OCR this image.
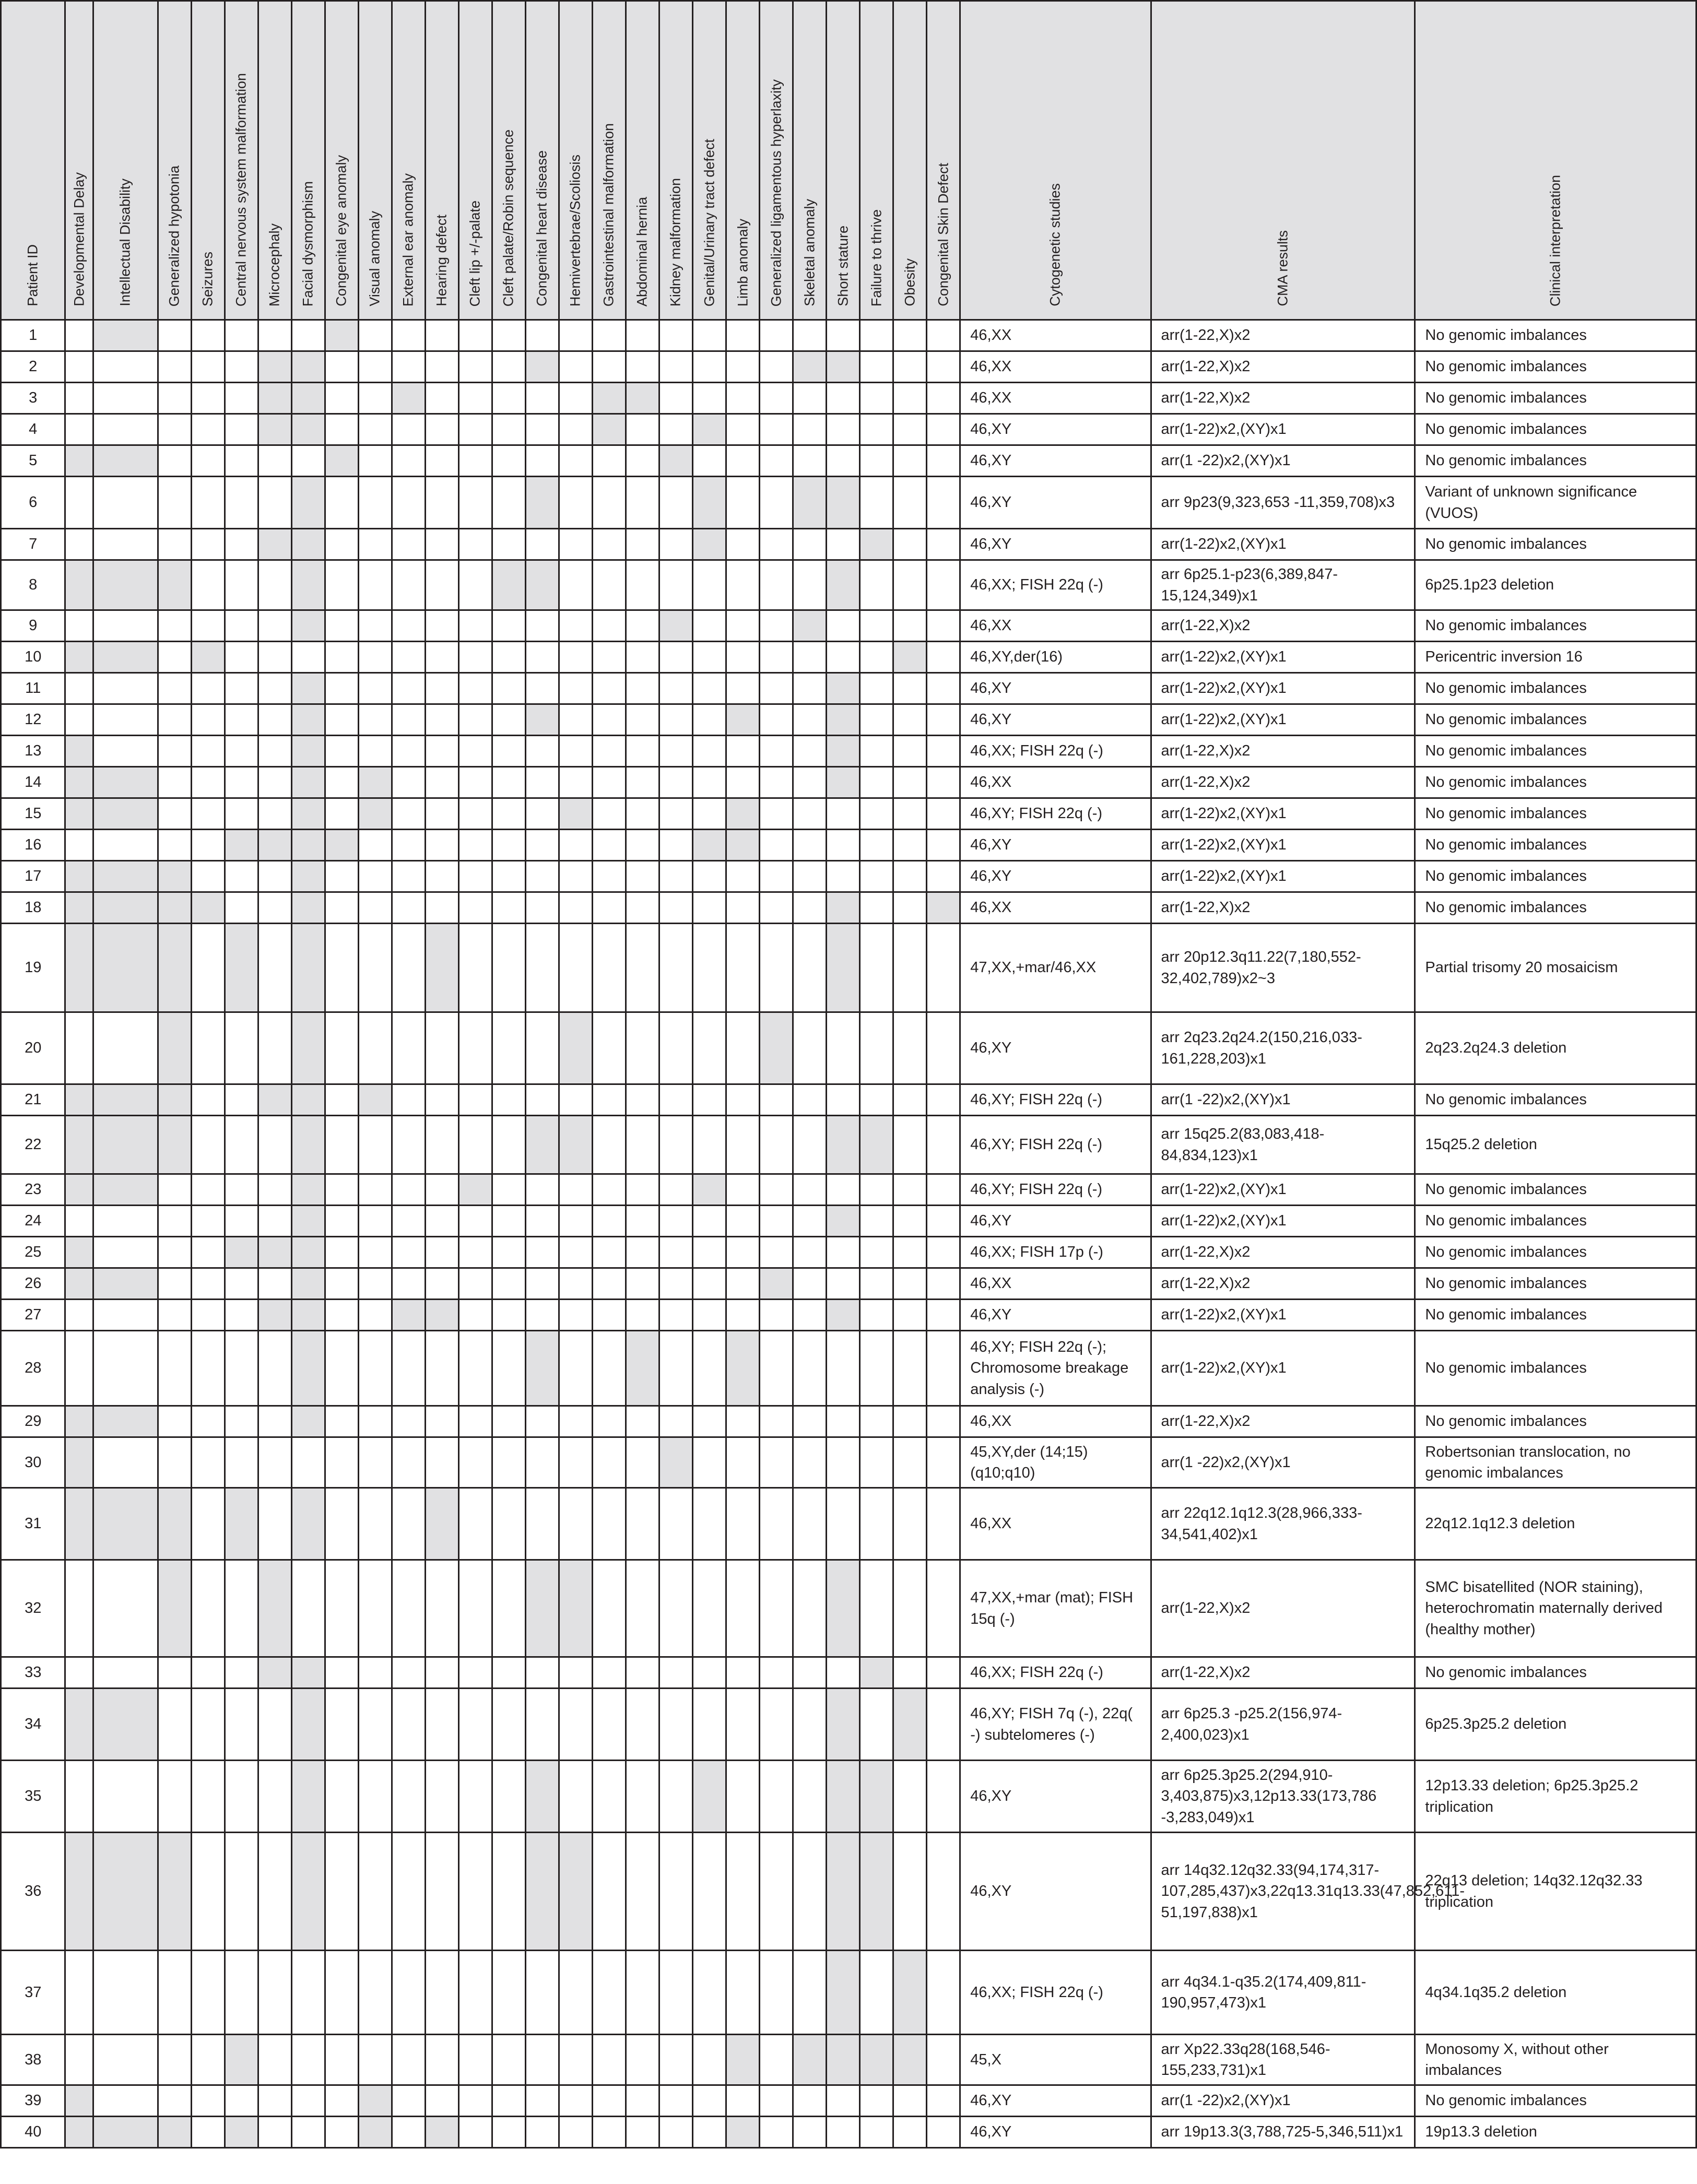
Patient ID	Developmental Delay	Intellectual Disability	Generalized hypotonia	Seizures	Central nervous system malformation	Microcephaly	Facial dysmorphism	Congenital eye anomaly	Visual anomaly	External ear anomaly	Hearing defect	Cleft lip +/-palate	Cleft palate/Robin sequence	Congenital heart disease	Hemivertebrae/Scoliosis	Gastrointestinal malformation	Abdominal hernia	Kidney malformation	Genital/Urinary tract defect	Limb anomaly	Generalized ligamentous hyperlaxity	Skeletal anomaly	Short stature	Failure to thrive	Obesity	Congenital Skin Defect	Cytogenetic studies	CMA results	Clinical interpretation

1																											46,XX	arr(1-22,X)x2	No genomic imbalances
2																											46,XX	arr(1-22,X)x2	No genomic imbalances
3																											46,XX	arr(1-22,X)x2	No genomic imbalances
4																											46,XY	arr(1-22)x2,(XY)x1	No genomic imbalances
5																											46,XY	arr(1 -22)x2,(XY)x1	No genomic imbalances
6																											46,XY	arr 9p23(9,323,653 -11,359,708)x3	Variant of unknown significance (VUOS)
7																											46,XY	arr(1-22)x2,(XY)x1	No genomic imbalances
8																											46,XX; FISH 22q (-)	arr 6p25.1-p23(6,389,847-15,124,349)x1	6p25.1p23 deletion
9																											46,XX	arr(1-22,X)x2	No genomic imbalances
10																											46,XY,der(16)	arr(1-22)x2,(XY)x1	Pericentric inversion 16
11																											46,XY	arr(1-22)x2,(XY)x1	No genomic imbalances
12																											46,XY	arr(1-22)x2,(XY)x1	No genomic imbalances
13																											46,XX; FISH 22q (-)	arr(1-22,X)x2	No genomic imbalances
14																											46,XX	arr(1-22,X)x2	No genomic imbalances
15																											46,XY; FISH 22q (-)	arr(1-22)x2,(XY)x1	No genomic imbalances
16																											46,XY	arr(1-22)x2,(XY)x1	No genomic imbalances
17																											46,XY	arr(1-22)x2,(XY)x1	No genomic imbalances
18																											46,XX	arr(1-22,X)x2	No genomic imbalances
19																											47,XX,+mar/46,XX	arr 20p12.3q11.22(7,180,552-32,402,789)x2~3	Partial trisomy 20 mosaicism
20																											46,XY	arr 2q23.2q24.2(150,216,033-161,228,203)x1	2q23.2q24.3 deletion
21																											46,XY; FISH 22q (-)	arr(1 -22)x2,(XY)x1	No genomic imbalances
22																											46,XY; FISH 22q (-)	arr 15q25.2(83,083,418-84,834,123)x1	15q25.2 deletion
23																											46,XY; FISH 22q (-)	arr(1-22)x2,(XY)x1	No genomic imbalances
24																											46,XY	arr(1-22)x2,(XY)x1	No genomic imbalances
25																											46,XX; FISH 17p (-)	arr(1-22,X)x2	No genomic imbalances
26																											46,XX	arr(1-22,X)x2	No genomic imbalances
27																											46,XY	arr(1-22)x2,(XY)x1	No genomic imbalances
28																											46,XY; FISH 22q (-); Chromosome breakage analysis (-)	arr(1-22)x2,(XY)x1	No genomic imbalances
29																											46,XX	arr(1-22,X)x2	No genomic imbalances
30																											45,XY,der (14;15)(q10;q10)	arr(1 -22)x2,(XY)x1	Robertsonian translocation, no genomic imbalances
31																											46,XX	arr 22q12.1q12.3(28,966,333-34,541,402)x1	22q12.1q12.3 deletion
32																											47,XX,+mar (mat); FISH 15q (-)	arr(1-22,X)x2	SMC bisatellited (NOR staining), heterochromatin maternally derived (healthy mother)
33																											46,XX; FISH 22q (-)	arr(1-22,X)x2	No genomic imbalances
34																											46,XY; FISH 7q (-), 22q( -) subtelomeres (-)	arr 6p25.3 -p25.2(156,974-2,400,023)x1	6p25.3p25.2 deletion
35																											46,XY	arr 6p25.3p25.2(294,910-3,403,875)x3,12p13.33(173,786 -3,283,049)x1	12p13.33 deletion; 6p25.3p25.2 triplication
36																											46,XY	arr 14q32.12q32.33(94,174,317-107,285,437)x3,22q13.31q13.33(47,852,611-51,197,838)x1	22q13 deletion; 14q32.12q32.33 triplication
37																											46,XX; FISH 22q (-)	arr 4q34.1-q35.2(174,409,811-190,957,473)x1	4q34.1q35.2 deletion
38																											45,X	arr Xp22.33q28(168,546-155,233,731)x1	Monosomy X, without other imbalances
39																											46,XY	arr(1 -22)x2,(XY)x1	No genomic imbalances
40																											46,XY	arr 19p13.3(3,788,725-5,346,511)x1	19p13.3 deletion
